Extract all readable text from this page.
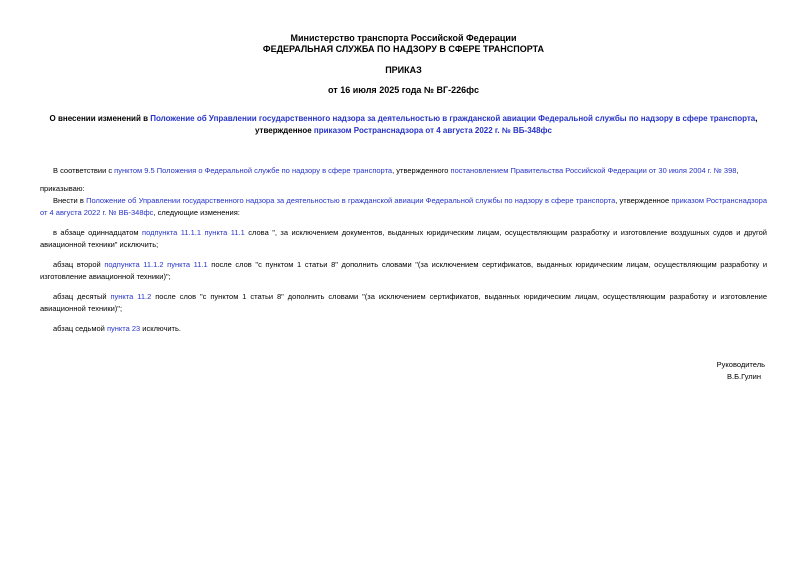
Министерство транспорта Российской Федерации
ФЕДЕРАЛЬНАЯ СЛУЖБА ПО НАДЗОРУ В СФЕРЕ ТРАНСПОРТА
ПРИКАЗ
от 16 июля 2025 года № ВГ-226фс
О внесении изменений в Положение об Управлении государственного надзора за деятельностью в гражданской авиации Федеральной службы по надзору в сфере транспорта, утвержденное приказом Ространснадзора от 4 августа 2022 г. № ВБ-348фс

В соответствии с пунктом 9.5 Положения о Федеральной службе по надзору в сфере транспорта, утвержденного постановлением Правительства Российской Федерации от 30 июля 2004 г. № 398,

приказываю:

Внести в Положение об Управлении государственного надзора за деятельностью в гражданской авиации Федеральной службы по надзору в сфере транспорта, утвержденное приказом Ространснадзора от 4 августа 2022 г. № ВБ-348фс, следующие изменения:

в абзаце одиннадцатом подпункта 11.1.1 пункта 11.1 слова ", за исключением документов, выданных юридическим лицам, осуществляющим разработку и изготовление воздушных судов и другой авиационной техники" исключить;

абзац второй подпункта 11.1.2 пункта 11.1 после слов "с пунктом 1 статьи 8" дополнить словами "(за исключением сертификатов, выданных юридическим лицам, осуществляющим разработку и изготовление авиационной техники)";

абзац десятый пункта 11.2 после слов "с пунктом 1 статьи 8" дополнить словами "(за исключением сертификатов, выданных юридическим лицам, осуществляющим разработку и изготовление авиационной техники)";

абзац седьмой пункта 23 исключить.

Руководитель
В.Б.Гулин
